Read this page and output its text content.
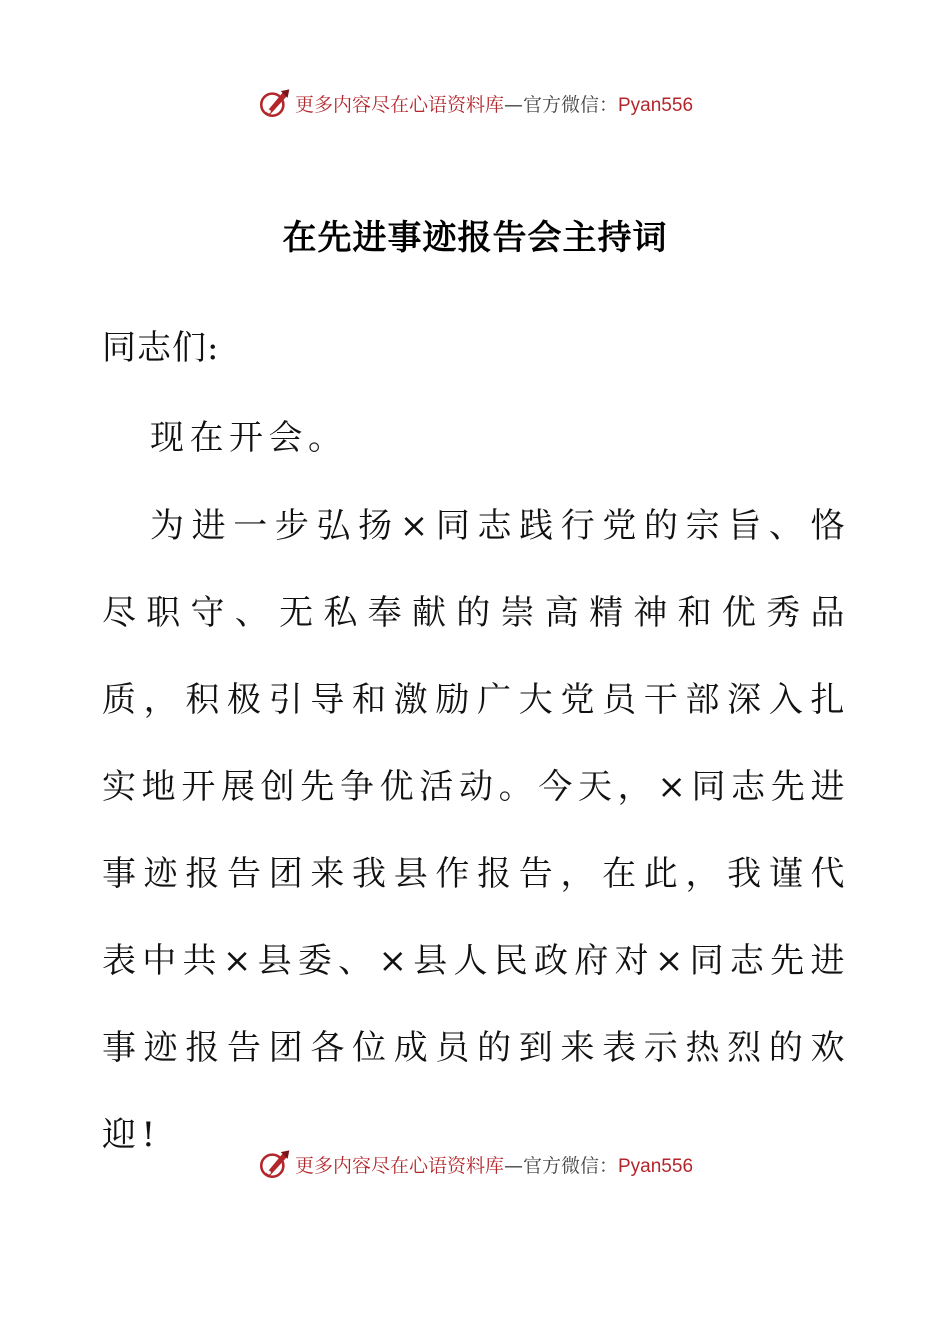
更多内容尽在心语资料库—官方微信：Pyan556
在先进事迹报告会主持词
同志们:
现在开会。
为进一步弘扬×同志践行党的宗旨、恪尽职守、无私奉献的崇高精神和优秀品质，积极引导和激励广大党员干部深入扎实地开展创先争优活动。今天，×同志先进事迹报告团来我县作报告，在此，我谨代表中共×县委、×县人民政府对×同志先进事迹报告团各位成员的到来表示热烈的欢迎!
更多内容尽在心语资料库—官方微信：Pyan556
